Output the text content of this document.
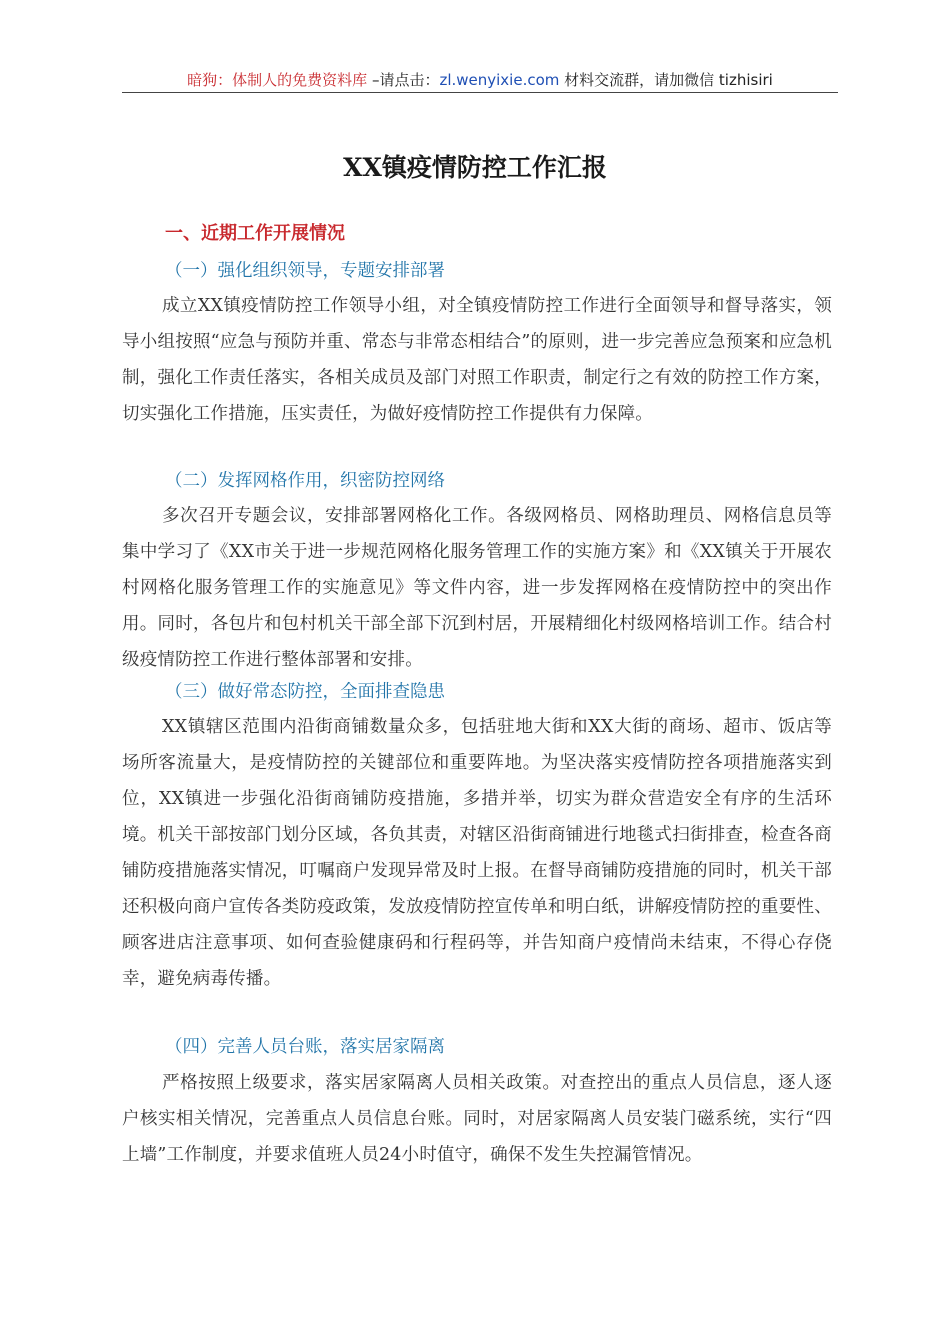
暗狗：体制人的免费资料库 –请点击：zl.wenyixie.com 材料交流群，请加微信 tizhisiri
XX镇疫情防控工作汇报
一、近期工作开展情况
（一）强化组织领导，专题安排部署
成立XX镇疫情防控工作领导小组，对全镇疫情防控工作进行全面领导和督导落实，领导小组按照“应急与预防并重、常态与非常态相结合”的原则，进一步完善应急预案和应急机制，强化工作责任落实，各相关成员及部门对照工作职责，制定行之有效的防控工作方案，切实强化工作措施，压实责任，为做好疫情防控工作提供有力保障。
（二）发挥网格作用，织密防控网络
多次召开专题会议，安排部署网格化工作。各级网格员、网格助理员、网格信息员等集中学习了《XX市关于进一步规范网格化服务管理工作的实施方案》和《XX镇关于开展农村网格化服务管理工作的实施意见》等文件内容，进一步发挥网格在疫情防控中的突出作用。同时，各包片和包村机关干部全部下沉到村居，开展精细化村级网格培训工作。结合村级疫情防控工作进行整体部署和安排。
（三）做好常态防控，全面排查隐患
XX镇辖区范围内沿街商铺数量众多，包括驻地大街和XX大街的商场、超市、饭店等场所客流量大，是疫情防控的关键部位和重要阵地。为坚决落实疫情防控各项措施落实到位，XX镇进一步强化沿街商铺防疫措施，多措并举，切实为群众营造安全有序的生活环境。机关干部按部门划分区域，各负其责，对辖区沿街商铺进行地毯式扫街排查，检查各商铺防疫措施落实情况，叮嘱商户发现异常及时上报。在督导商铺防疫措施的同时，机关干部还积极向商户宣传各类防疫政策，发放疫情防控宣传单和明白纸，讲解疫情防控的重要性、顾客进店注意事项、如何查验健康码和行程码等，并告知商户疫情尚未结束，不得心存侥幸，避免病毒传播。
（四）完善人员台账，落实居家隔离
严格按照上级要求，落实居家隔离人员相关政策。对查控出的重点人员信息，逐人逐户核实相关情况，完善重点人员信息台账。同时，对居家隔离人员安装门磁系统，实行“四上墙”工作制度，并要求值班人员24小时值守，确保不发生失控漏管情况。
